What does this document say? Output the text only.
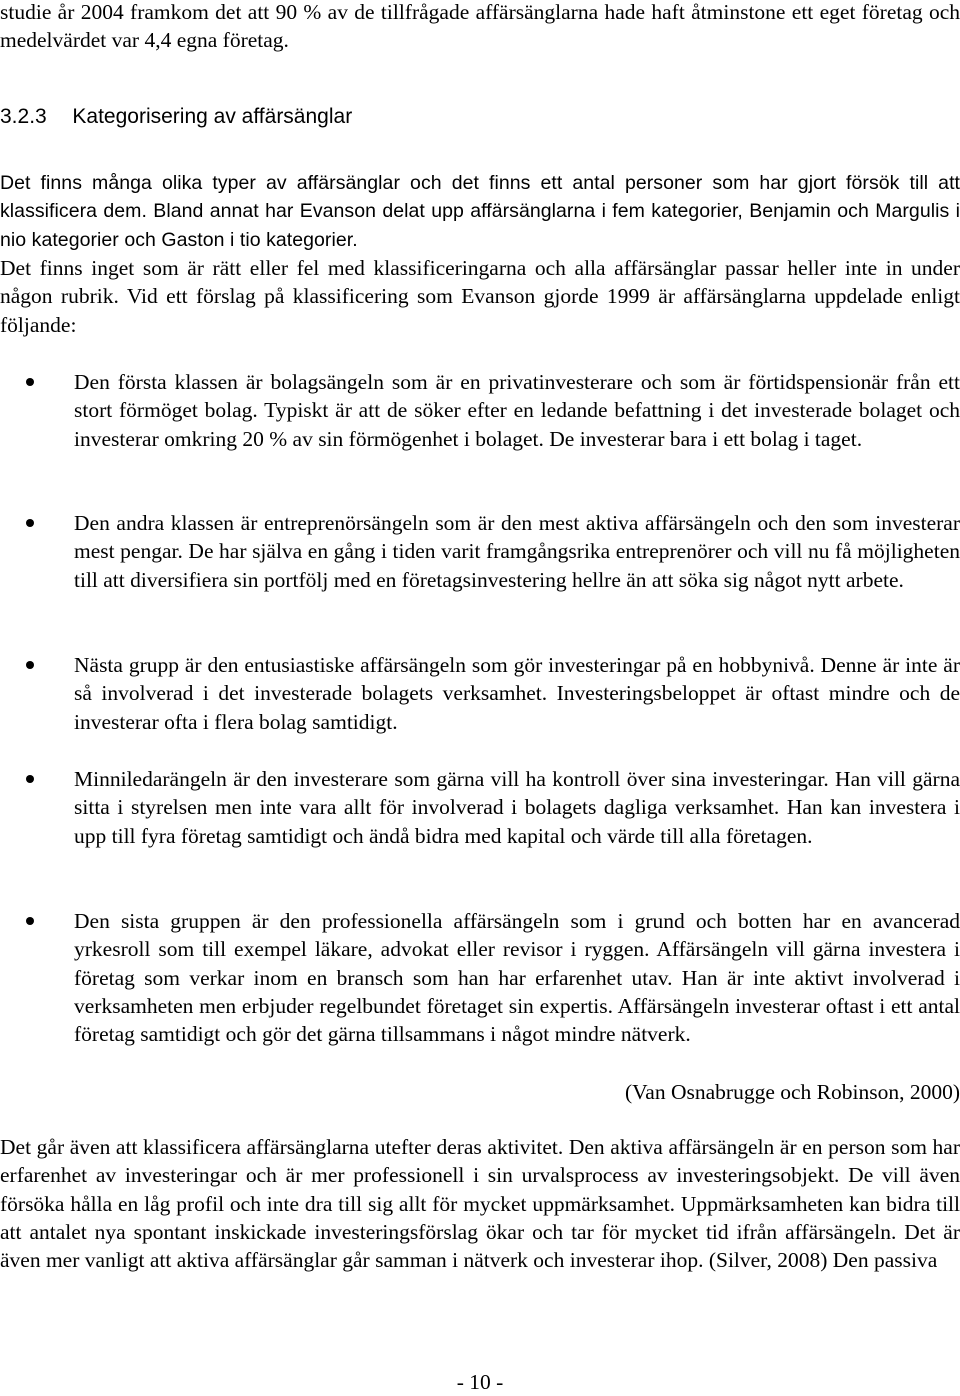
studie år 2004 framkom det att 90 % av de tillfrågade affärsänglarna hade haft åtminstone ett eget företag och medelvärdet var 4,4 egna företag.

3.2.3 Kategorisering av affärsänglar

Det finns många olika typer av affärsänglar och det finns ett antal personer som har gjort försök till att klassificera dem. Bland annat har Evanson delat upp affärsänglarna i fem kategorier, Benjamin och Margulis i nio kategorier och Gaston i tio kategorier.

Det finns inget som är rätt eller fel med klassificeringarna och alla affärsänglar passar heller inte in under någon rubrik. Vid ett förslag på klassificering som Evanson gjorde 1999 är affärsänglarna uppdelade enligt följande:

Den första klassen är bolagsängeln som är en privatinvesterare och som är förtidspensionär från ett stort förmöget bolag. Typiskt är att de söker efter en ledande befattning i det investerade bolaget och investerar omkring 20 % av sin förmögenhet i bolaget. De investerar bara i ett bolag i taget.
Den andra klassen är entreprenörsängeln som är den mest aktiva affärsängeln och den som investerar mest pengar. De har själva en gång i tiden varit framgångsrika entreprenörer och vill nu få möjligheten till att diversifiera sin portfölj med en företagsinvestering hellre än att söka sig något nytt arbete.
Nästa grupp är den entusiastiske affärsängeln som gör investeringar på en hobbynivå. Denne är inte är så involverad i det investerade bolagets verksamhet. Investeringsbeloppet är oftast mindre och de investerar ofta i flera bolag samtidigt.
Minniledarängeln är den investerare som gärna vill ha kontroll över sina investeringar. Han vill gärna sitta i styrelsen men inte vara allt för involverad i bolagets dagliga verksamhet. Han kan investera i upp till fyra företag samtidigt och ändå bidra med kapital och värde till alla företagen.
Den sista gruppen är den professionella affärsängeln som i grund och botten har en avancerad yrkesroll som till exempel läkare, advokat eller revisor i ryggen. Affärsängeln vill gärna investera i företag som verkar inom en bransch som han har erfarenhet utav. Han är inte aktivt involverad i verksamheten men erbjuder regelbundet företaget sin expertis. Affärsängeln investerar oftast i ett antal företag samtidigt och gör det gärna tillsammans i något mindre nätverk.
(Van Osnabrugge och Robinson, 2000)

Det går även att klassificera affärsänglarna utefter deras aktivitet. Den aktiva affärsängeln är en person som har erfarenhet av investeringar och är mer professionell i sin urvalsprocess av investeringsobjekt. De vill även försöka hålla en låg profil och inte dra till sig allt för mycket uppmärksamhet. Uppmärksamheten kan bidra till att antalet nya spontant inskickade investeringsförslag ökar och tar för mycket tid ifrån affärsängeln. Det är även mer vanligt att aktiva affärsänglar går samman i nätverk och investerar ihop. (Silver, 2008) Den passiva

- 10 -
